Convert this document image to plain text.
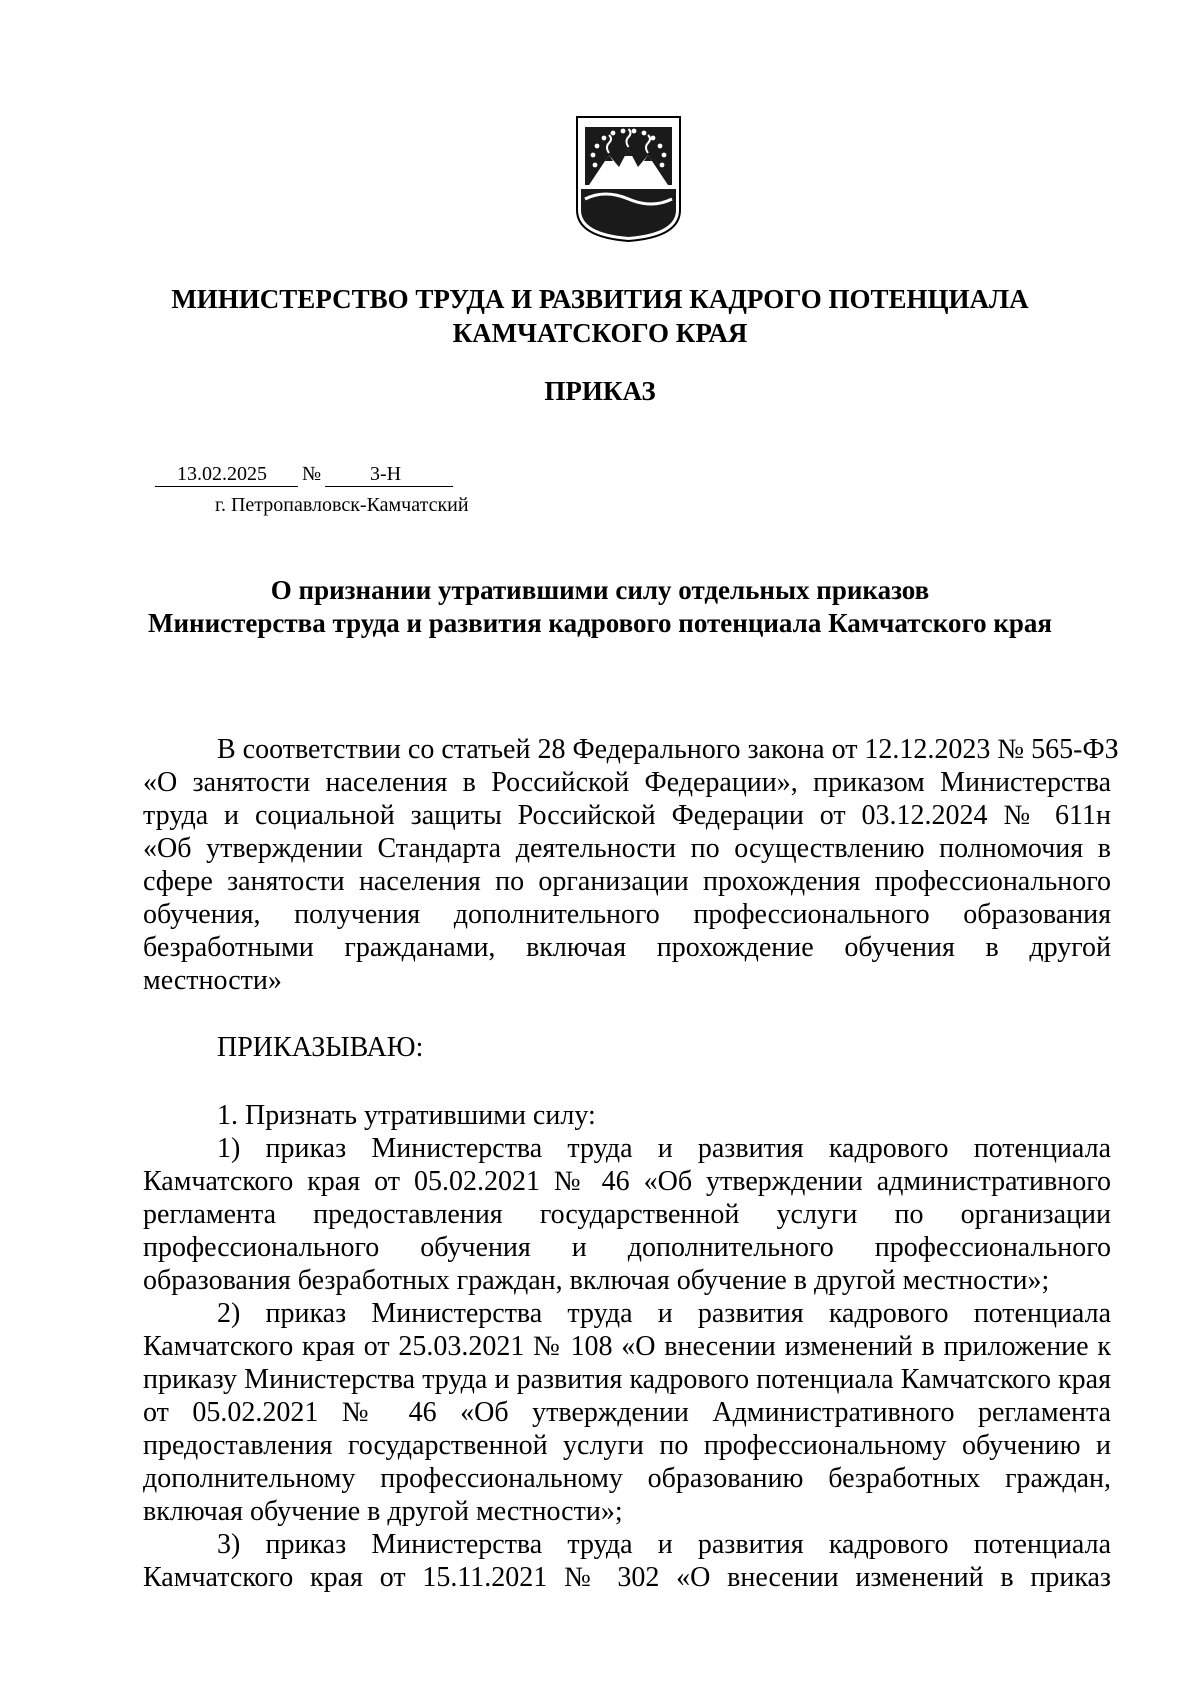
МИНИСТЕРСТВО ТРУДА И РАЗВИТИЯ КАДРОГО ПОТЕНЦИАЛА
КАМЧАТСКОГО КРАЯ
ПРИКАЗ
13.02.2025 № 3-Н
г. Петропавловск-Камчатский
О признании утратившими силу отдельных приказов
Министерства труда и развития кадрового потенциала Камчатского края
В соответствии со статьей 28 Федерального закона от 12.12.2023 № 565-ФЗ
«О занятости населения в Российской Федерации», приказом Министерства
труда и социальной защиты Российской Федерации от 03.12.2024 № 611н
«Об утверждении Стандарта деятельности по осуществлению полномочия в
сфере занятости населения по организации прохождения профессионального
обучения, получения дополнительного профессионального образования
безработными гражданами, включая прохождение обучения в другой
местности»
ПРИКАЗЫВАЮ:
1. Признать утратившими силу:
1) приказ Министерства труда и развития кадрового потенциала
Камчатского края от 05.02.2021 № 46 «Об утверждении административного
регламента предоставления государственной услуги по организации
профессионального обучения и дополнительного профессионального
образования безработных граждан, включая обучение в другой местности»;
2) приказ Министерства труда и развития кадрового потенциала
Камчатского края от 25.03.2021 № 108 «О внесении изменений в приложение к
приказу Министерства труда и развития кадрового потенциала Камчатского края
от 05.02.2021 № 46 «Об утверждении Административного регламента
предоставления государственной услуги по профессиональному обучению и
дополнительному профессиональному образованию безработных граждан,
включая обучение в другой местности»;
3) приказ Министерства труда и развития кадрового потенциала
Камчатского края от 15.11.2021 № 302 «О внесении изменений в приказ
